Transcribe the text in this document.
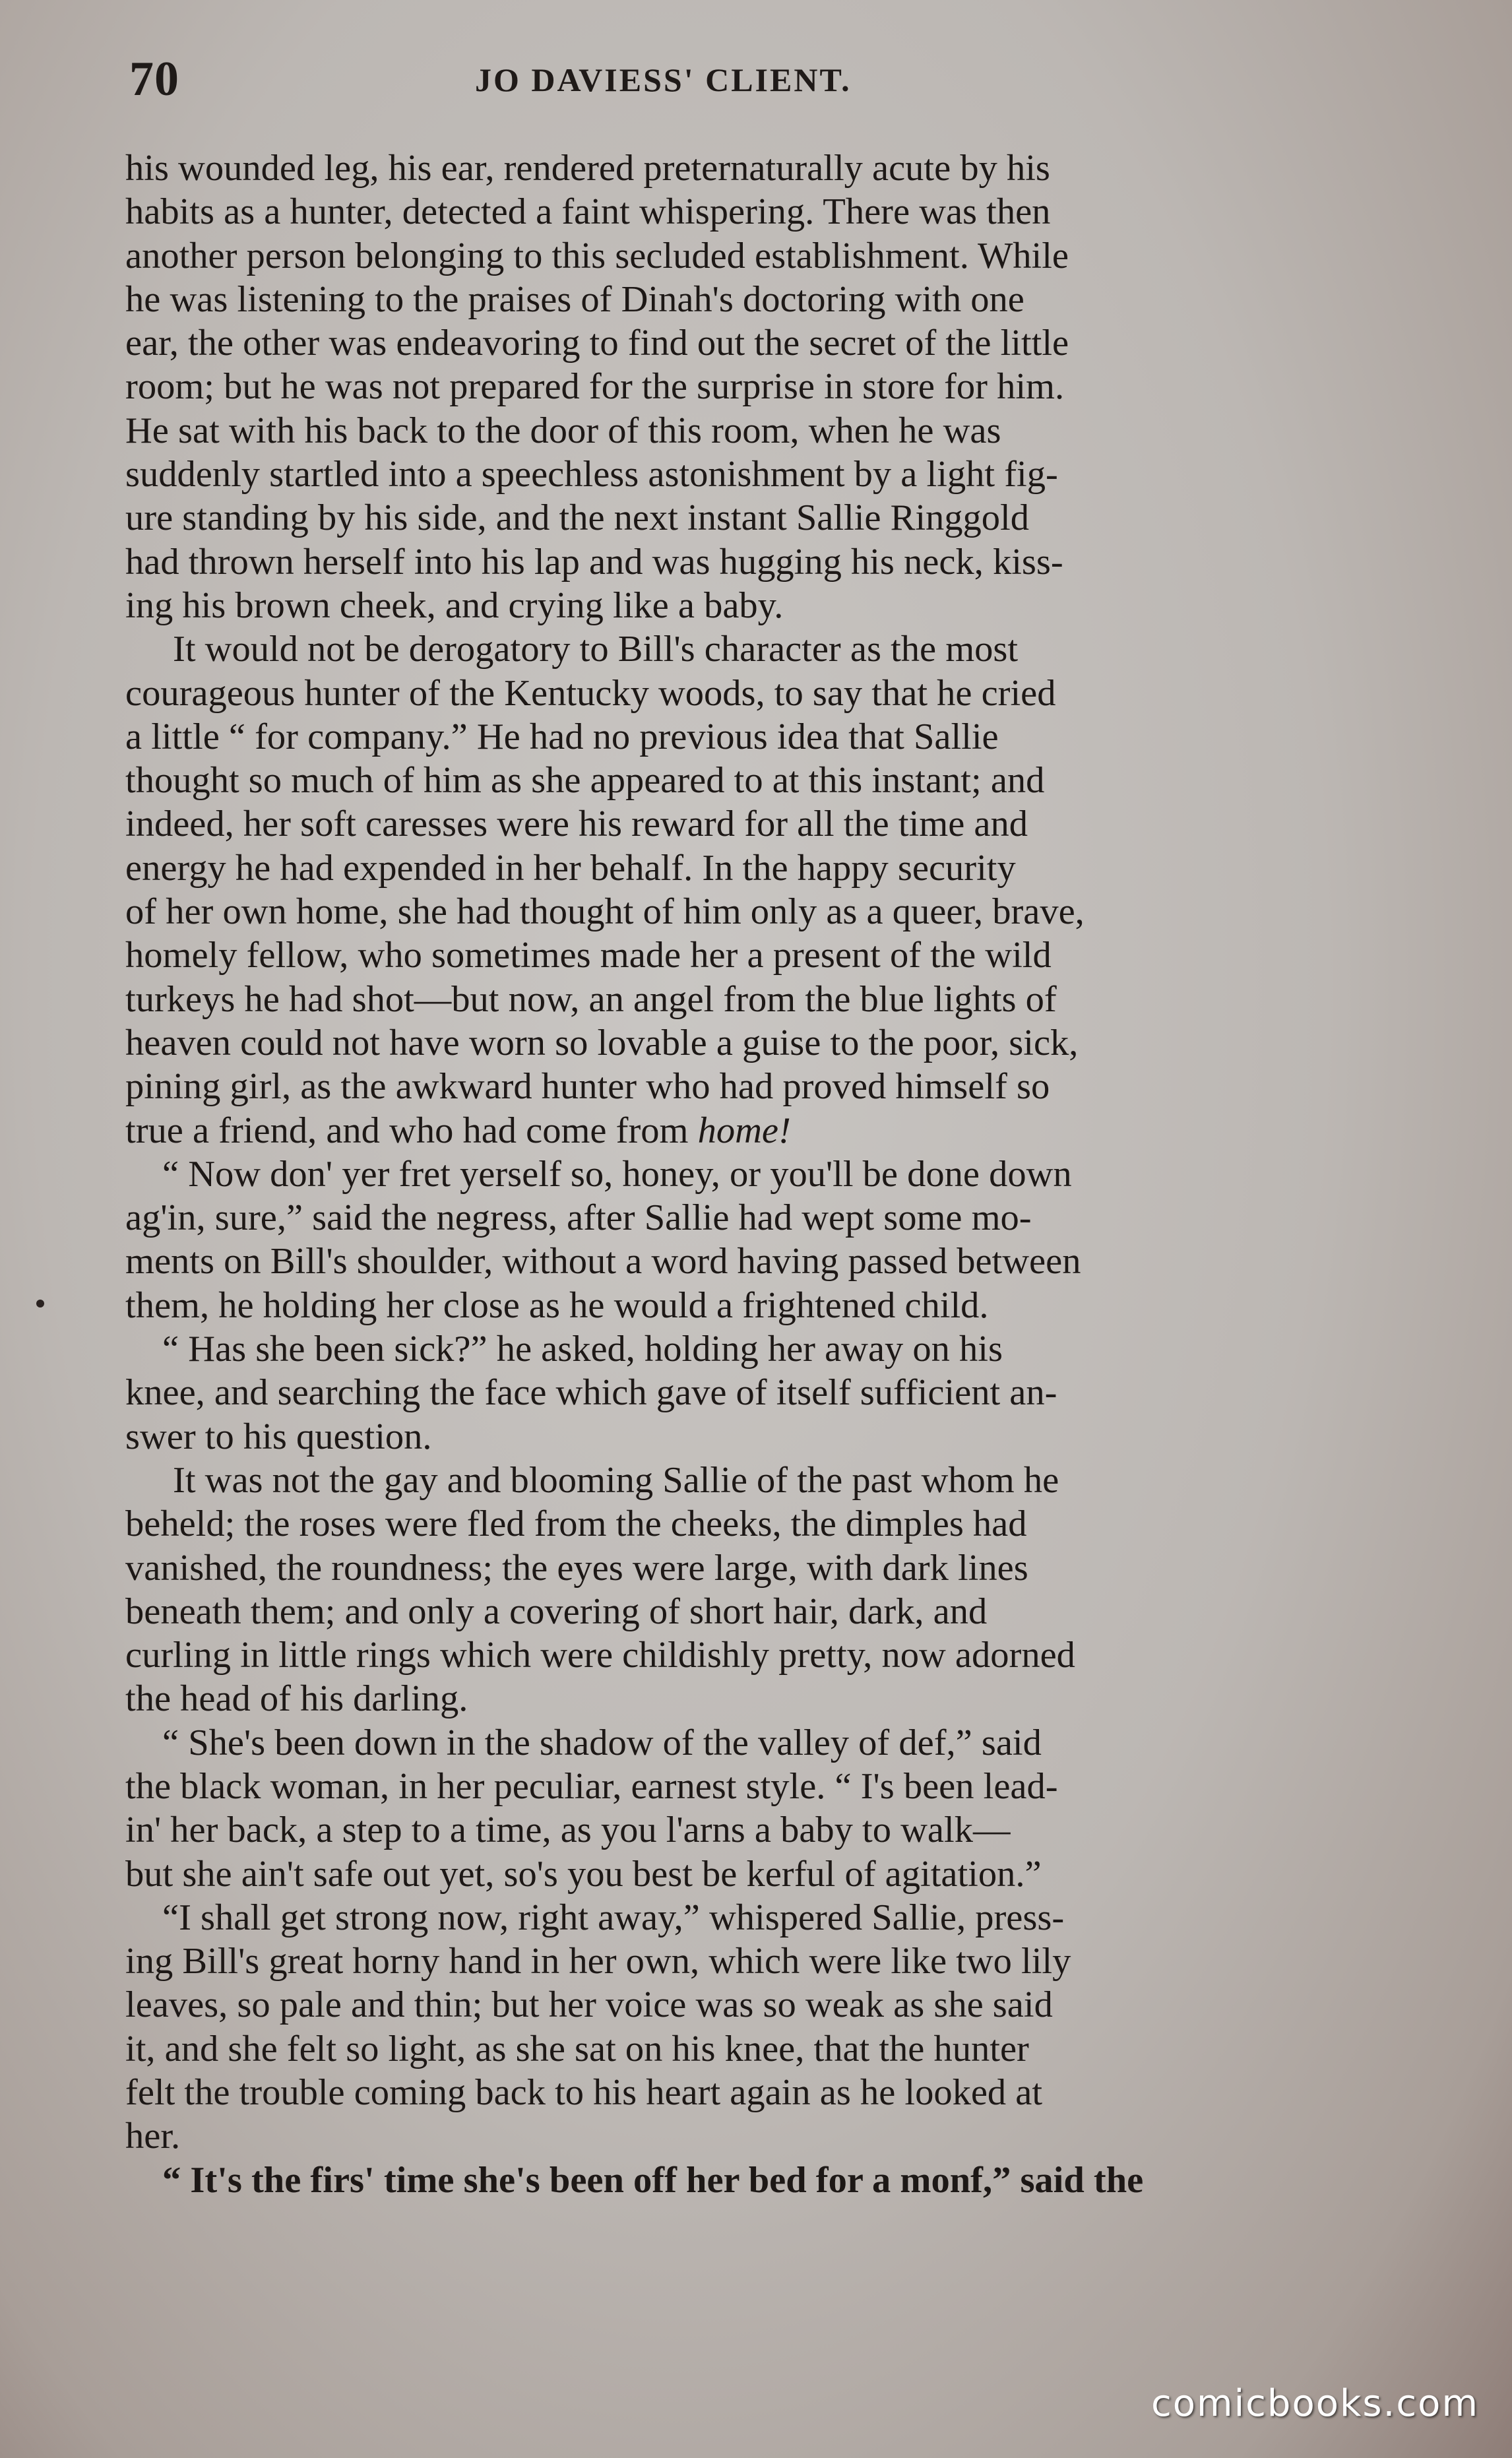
70	JO DAVIESS' CLIENT.
his wounded leg, his ear, rendered preternaturally acute by his
habits as a hunter, detected a faint whispering. There was then
another person belonging to this secluded establishment. While
he was listening to the praises of Dinah's doctoring with one
ear, the other was endeavoring to find out the secret of the little
room; but he was not prepared for the surprise in store for him.
He sat with his back to the door of this room, when he was
suddenly startled into a speechless astonishment by a light fig-
ure standing by his side, and the next instant Sallie Ringgold
had thrown herself into his lap and was hugging his neck, kiss-
ing his brown cheek, and crying like a baby.
It would not be derogatory to Bill's character as the most
courageous hunter of the Kentucky woods, to say that he cried
a little “ for company.” He had no previous idea that Sallie
thought so much of him as she appeared to at this instant; and
indeed, her soft caresses were his reward for all the time and
energy he had expended in her behalf. In the happy security
of her own home, she had thought of him only as a queer, brave,
homely fellow, who sometimes made her a present of the wild
turkeys he had shot—but now, an angel from the blue lights of
heaven could not have worn so lovable a guise to the poor, sick,
pining girl, as the awkward hunter who had proved himself so
true a friend, and who had come from home!
“ Now don' yer fret yerself so, honey, or you'll be done down
ag'in, sure,” said the negress, after Sallie had wept some mo-
ments on Bill's shoulder, without a word having passed between
them, he holding her close as he would a frightened child.
“ Has she been sick?” he asked, holding her away on his
knee, and searching the face which gave of itself sufficient an-
swer to his question.
It was not the gay and blooming Sallie of the past whom he
beheld; the roses were fled from the cheeks, the dimples had
vanished, the roundness; the eyes were large, with dark lines
beneath them; and only a covering of short hair, dark, and
curling in little rings which were childishly pretty, now adorned
the head of his darling.
“ She's been down in the shadow of the valley of def,” said
the black woman, in her peculiar, earnest style. “ I's been lead-
in' her back, a step to a time, as you l'arns a baby to walk—
but she ain't safe out yet, so's you best be kerful of agitation.”
“I shall get strong now, right away,” whispered Sallie, press-
ing Bill's great horny hand in her own, which were like two lily
leaves, so pale and thin; but her voice was so weak as she said
it, and she felt so light, as she sat on his knee, that the hunter
felt the trouble coming back to his heart again as he looked at
her.
“ It's the firs' time she's been off her bed for a monf,” said the
comicbooks.com
